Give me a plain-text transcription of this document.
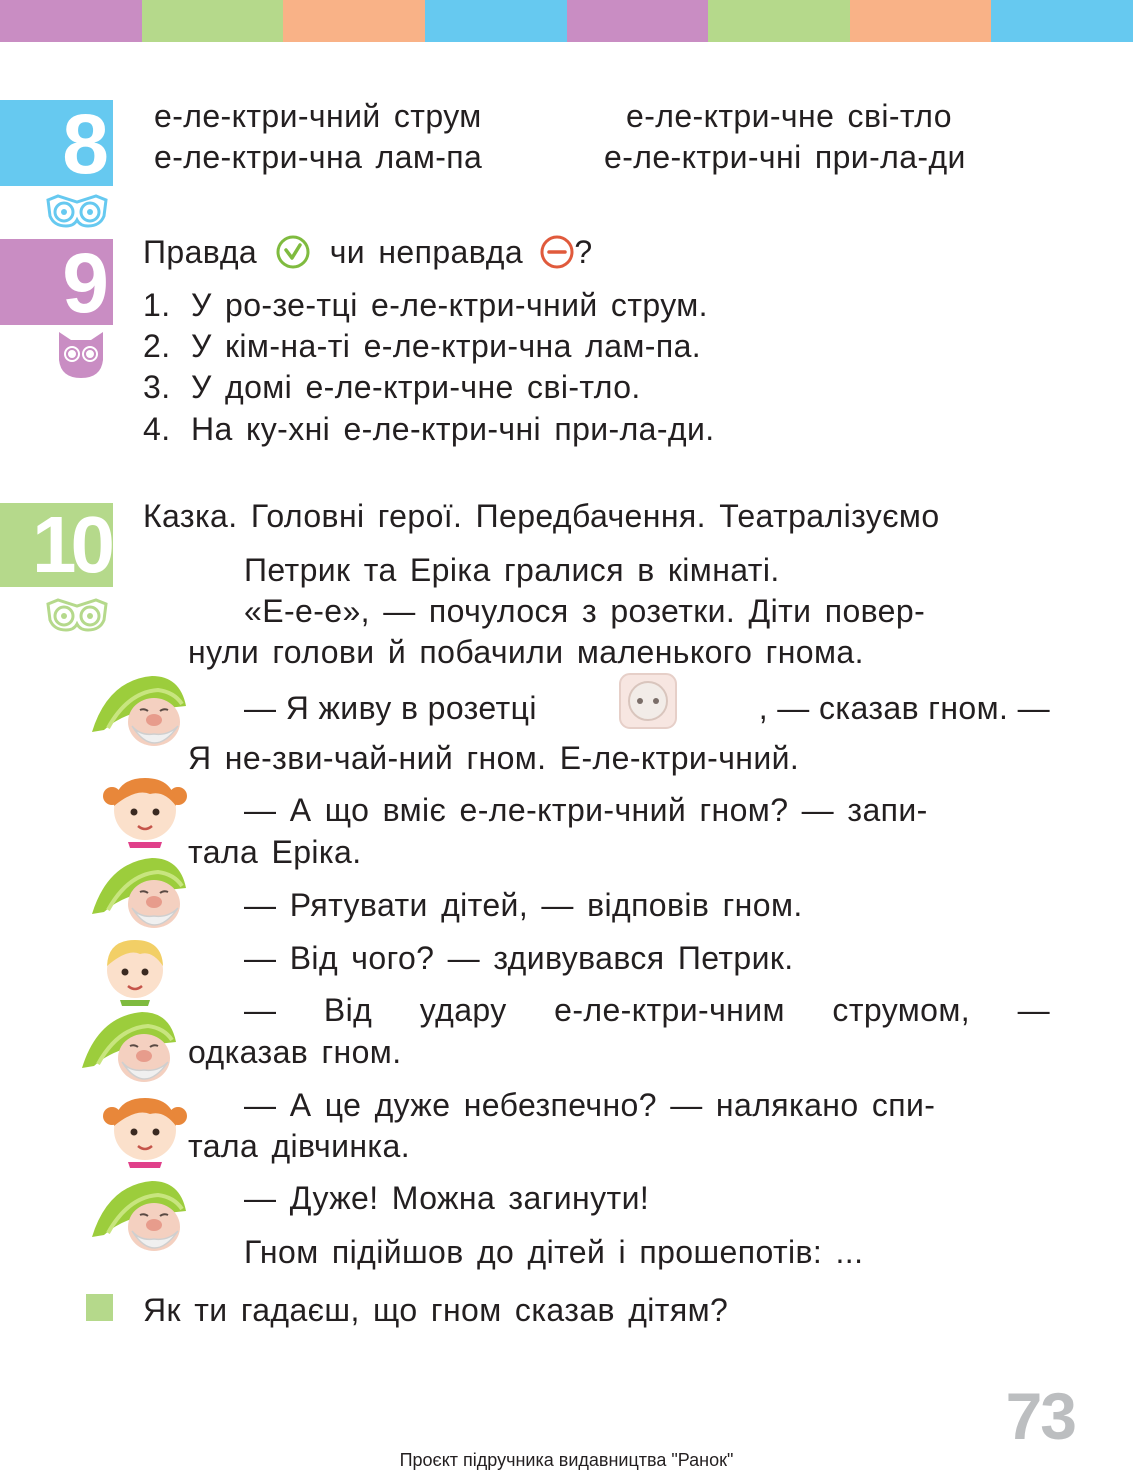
8 е-ле-ктри-чний струм	е-ле-ктри-чне сві-тло
е-ле-ктри-чна лам-па	е-ле-ктри-чні при-ла-ди
9 Правда чи неправда ?
1. У ро-зе-тці е-ле-ктри-чний струм.
2. У кім-на-ті е-ле-ктри-чна лам-па.
3. У домі е-ле-ктри-чне сві-тло.
4. На ку-хні е-ле-ктри-чні при-ла-ди.
10 Казка. Головні герої. Передбачення. Театралізуємо
Петрик та Еріка гралися в кімнаті.
«Е-е-е», — почулося з розетки. Діти повер-
нули голови й побачили маленького гнома.
— Я живу в розетці	, — сказав гном. —
Я не-зви-чай-ний гном. Е-ле-ктри-чний.
— А що вміє е-ле-ктри-чний гном? — запи-
тала Еріка.
— Рятувати дітей, — відповів гном.
— Від чого? — здивувався Петрик.
— Від удару е-ле-ктри-чним струмом, —
одказав гном.
— А це дуже небезпечно? — налякано спи-
тала дівчинка.
— Дуже! Можна загинути!
Гном підійшов до дітей і прошепотів: ...
Як ти гадаєш, що гном сказав дітям?
73
Проєкт підручника видавництва "Ранок"
